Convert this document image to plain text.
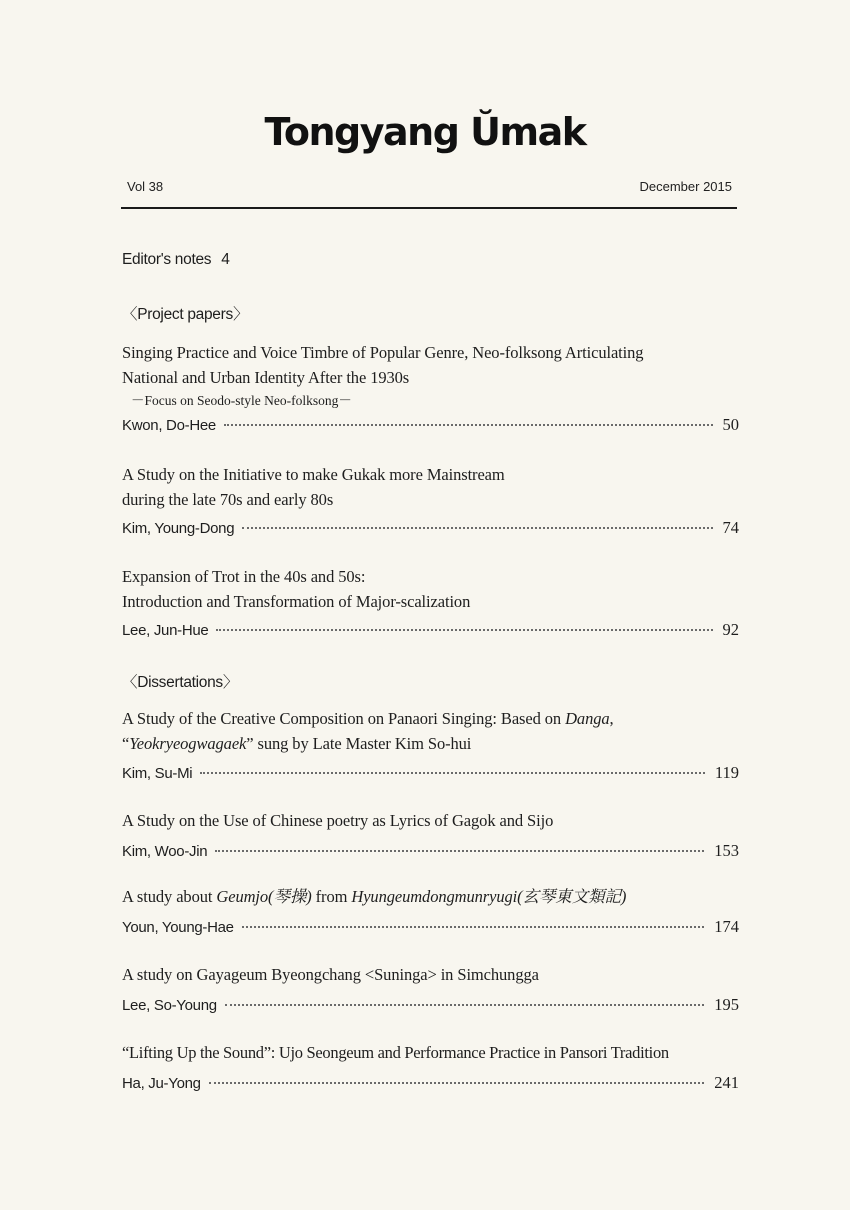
Tongyang Ŭmak
Vol 38	December 2015
Editor's notes 4
〈Project papers〉
Singing Practice and Voice Timbre of Popular Genre, Neo-folksong Articulating
National and Urban Identity After the 1930s
－Focus on Seodo-style Neo-folksong－
Kwon, Do-Hee	50
A Study on the Initiative to make Gukak more Mainstream
during the late 70s and early 80s
Kim, Young-Dong	74
Expansion of Trot in the 40s and 50s:
Introduction and Transformation of Major-scalization
Lee, Jun-Hue	92
〈Dissertations〉
A Study of the Creative Composition on Panaori Singing: Based on Danga,
“Yeokryeogwagaek” sung by Late Master Kim So-hui
Kim, Su-Mi	119
A Study on the Use of Chinese poetry as Lyrics of Gagok and Sijo
Kim, Woo-Jin	153
A study about Geumjo(琴操) from Hyungeumdongmunryugi(玄琴東文類記)
Youn, Young-Hae	174
A study on Gayageum Byeongchang <Suninga> in Simchungga
Lee, So-Young	195
“Lifting Up the Sound”: Ujo Seongeum and Performance Practice in Pansori Tradition
Ha, Ju-Yong	241
